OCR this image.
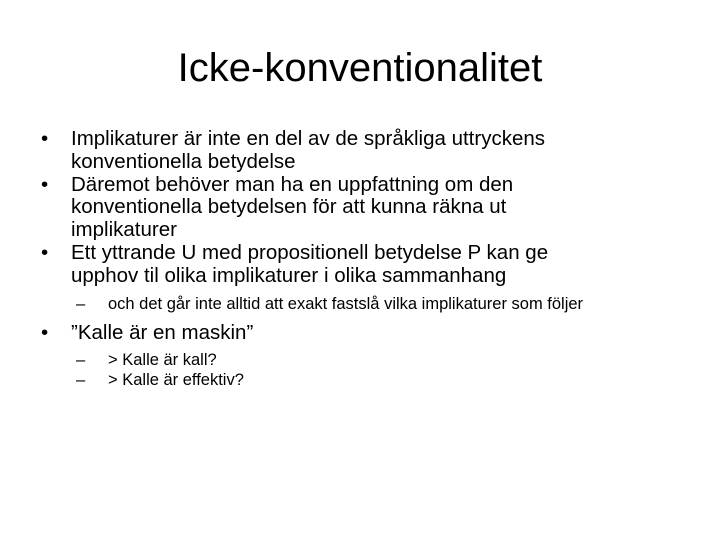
Icke-konventionalitet
• Implikaturer är inte en del av de språkliga uttryckens
konventionella betydelse
• Däremot behöver man ha en uppfattning om den
konventionella betydelsen för att kunna räkna ut
implikaturer
• Ett yttrande U med propositionell betydelse P kan ge
upphov til olika implikaturer i olika sammanhang
– och det går inte alltid att exakt fastslå vilka implikaturer som följer
• ”Kalle är en maskin”
– > Kalle är kall?
– > Kalle är effektiv?
